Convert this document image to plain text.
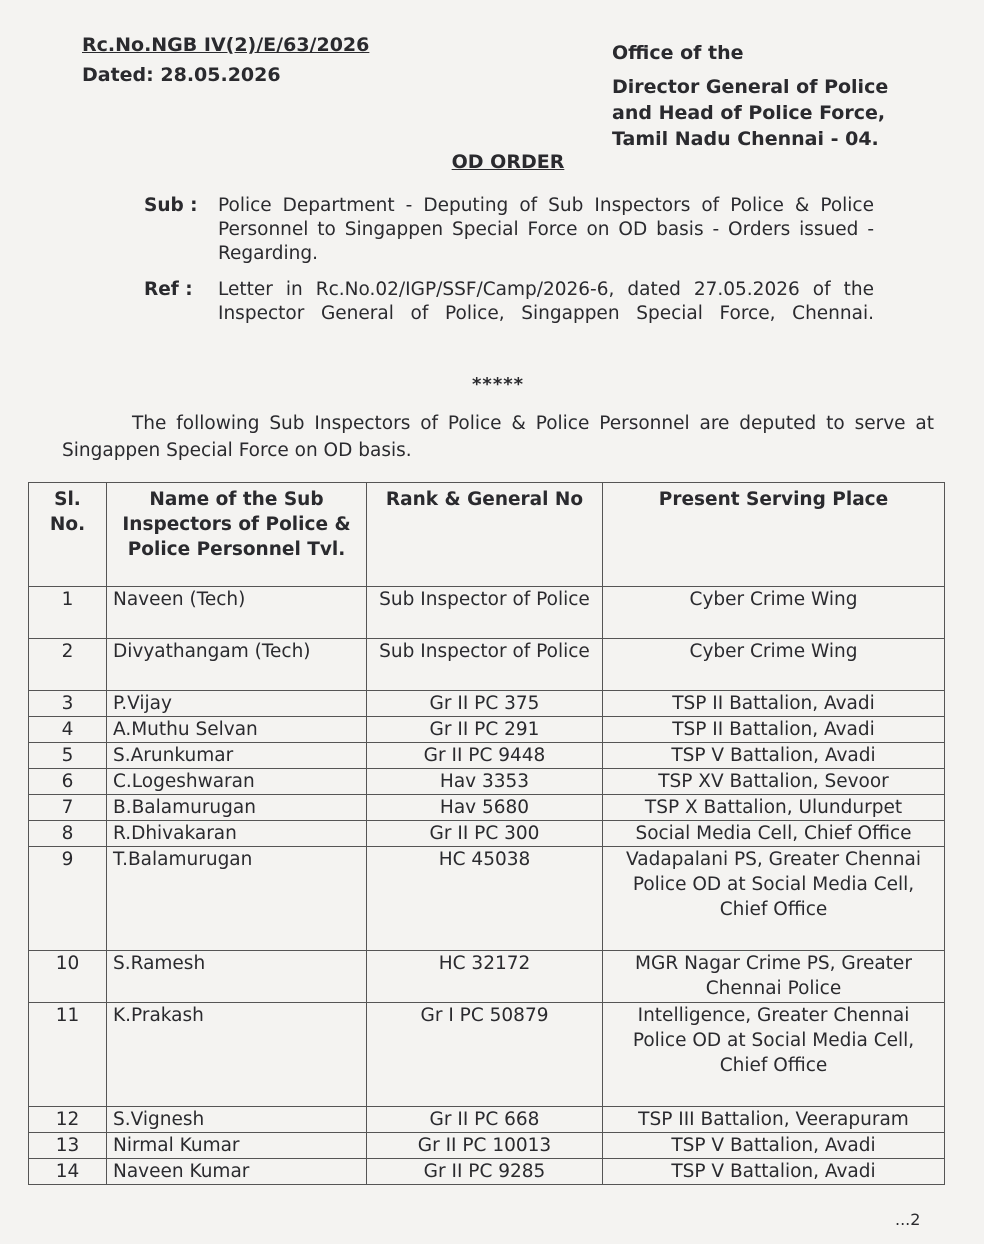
Rc.No.NGB IV(2)/E/63/2026
Dated: 28.05.2026
Office of the
Director General of Police
and Head of Police Force,
Tamil Nadu Chennai - 04.
OD ORDER
Sub :	Police Department - Deputing of Sub Inspectors of Police & Police Personnel to Singappen Special Force on OD basis - Orders issued - Regarding.
Ref :	Letter in Rc.No.02/IGP/SSF/Camp/2026-6, dated 27.05.2026 of the Inspector General of Police, Singappen Special Force, Chennai.
*****
The following Sub Inspectors of Police & Police Personnel are deputed to serve at Singappen Special Force on OD basis.
Sl. No.	Name of the Sub Inspectors of Police & Police Personnel Tvl.	Rank & General No	Present Serving Place
1	Naveen (Tech)	Sub Inspector of Police	Cyber Crime Wing
2	Divyathangam (Tech)	Sub Inspector of Police	Cyber Crime Wing
3	P.Vijay	Gr II PC 375	TSP II Battalion, Avadi
4	A.Muthu Selvan	Gr II PC 291	TSP II Battalion, Avadi
5	S.Arunkumar	Gr II PC 9448	TSP V Battalion, Avadi
6	C.Logeshwaran	Hav 3353	TSP XV Battalion, Sevoor
7	B.Balamurugan	Hav 5680	TSP X Battalion, Ulundurpet
8	R.Dhivakaran	Gr II PC 300	Social Media Cell, Chief Office
9	T.Balamurugan	HC 45038	Vadapalani PS, Greater Chennai Police OD at Social Media Cell, Chief Office
10	S.Ramesh	HC 32172	MGR Nagar Crime PS, Greater Chennai Police
11	K.Prakash	Gr I PC 50879	Intelligence, Greater Chennai Police OD at Social Media Cell, Chief Office
12	S.Vignesh	Gr II PC 668	TSP III Battalion, Veerapuram
13	Nirmal Kumar	Gr II PC 10013	TSP V Battalion, Avadi
14	Naveen Kumar	Gr II PC 9285	TSP V Battalion, Avadi
...2
